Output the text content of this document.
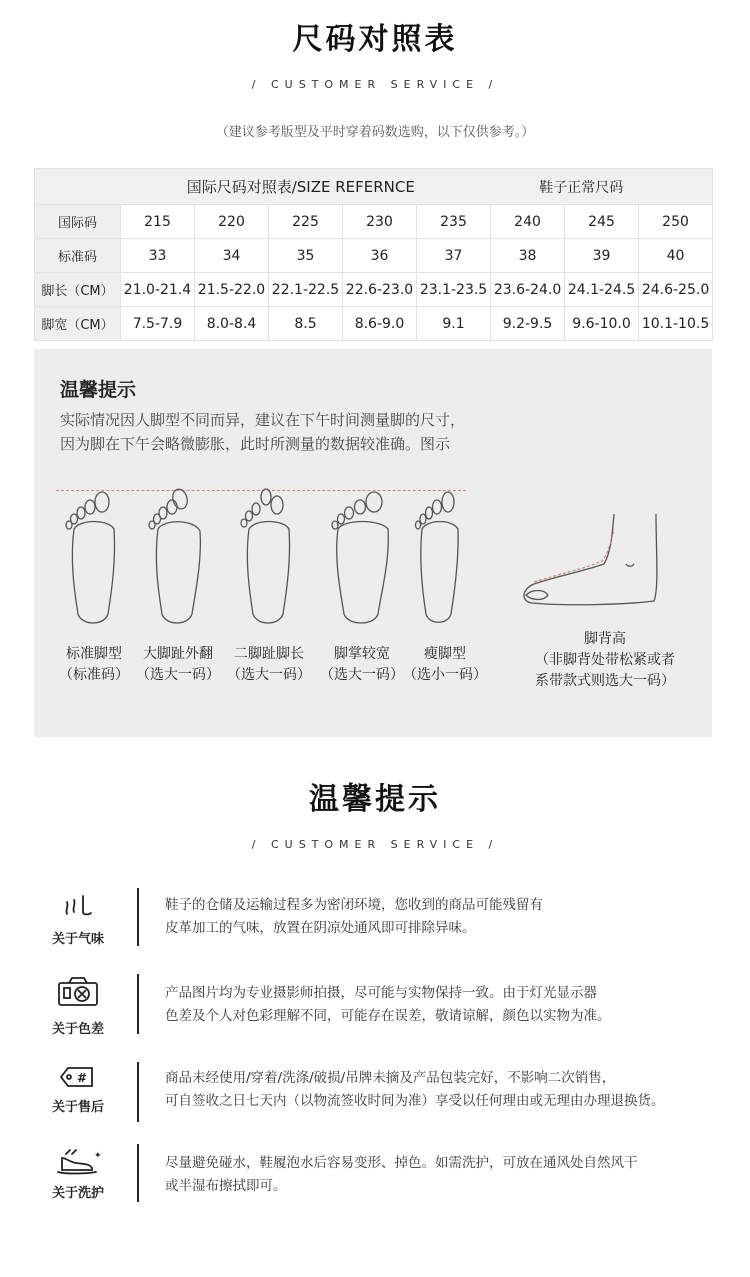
尺码对照表
/ CUSTOMER SERVICE /
（建议参考版型及平时穿着码数选购，以下仅供参考。）
国际尺码对照表/SIZE REFERNCE						鞋子正常尺码		
国际码	215	220	225	230	235	240	245	250
标准码	33	34	35	36	37	38	39	40
脚长（CM）	21.0-21.4	21.5-22.0	22.1-22.5	22.6-23.0	23.1-23.5	23.6-24.0	24.1-24.5	24.6-25.0
脚宽（CM）	7.5-7.9	8.0-8.4	8.5	8.6-9.0	9.1	9.2-9.5	9.6-10.0	10.1-10.5
温馨提示
实际情况因人脚型不同而异，建议在下午时间测量脚的尺寸，
因为脚在下午会略微膨胀，此时所测量的数据较准确。图示
标准脚型
（标准码）
大脚趾外翻
（选大一码）
二脚趾脚长
（选大一码）
脚掌较宽
（选大一码）
瘦脚型
（选小一码）
脚背高
（非脚背处带松紧或者
系带款式则选大一码）
温馨提示
/ CUSTOMER SERVICE /
关于气味
鞋子的仓储及运输过程多为密闭环境，您收到的商品可能残留有
皮革加工的气味，放置在阴凉处通风即可排除异味。
关于色差
产品图片均为专业摄影师拍摄，尽可能与实物保持一致。由于灯光显示器
色差及个人对色彩理解不同，可能存在误差，敬请谅解，颜色以实物为准。
#
关于售后
商品未经使用/穿着/洗涤/破损/吊牌未摘及产品包装完好，不影响二次销售，
可自签收之日七天内（以物流签收时间为准）享受以任何理由或无理由办理退换货。
✦
关于洗护
尽量避免碰水，鞋履泡水后容易变形、掉色。如需洗护，可放在通风处自然风干
或半湿布擦拭即可。
